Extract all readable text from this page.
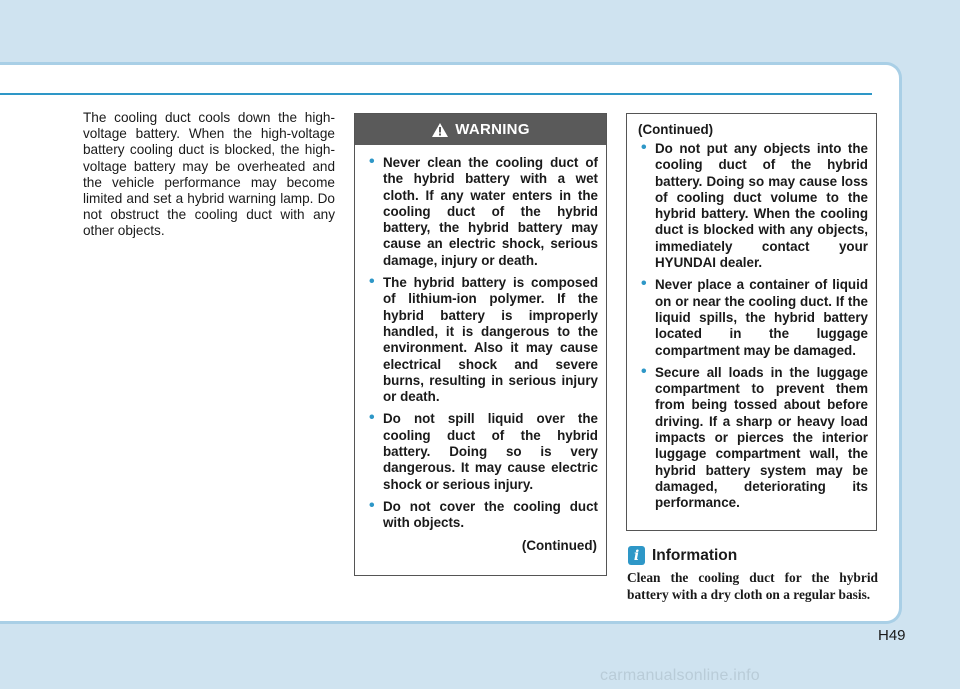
The cooling duct cools down the high-voltage battery. When the high-voltage battery cooling duct is blocked, the high-voltage battery may be overheated and the vehicle performance may become limited and set a hybrid warning lamp. Do not obstruct the cooling duct with any other objects.

WARNING
• Never clean the cooling duct of the hybrid battery with a wet cloth. If any water enters in the cooling duct of the hybrid battery, the hybrid battery may cause an electric shock, serious damage, injury or death.
• The hybrid battery is composed of lithium-ion polymer. If the hybrid battery is improperly handled, it is dangerous to the environment. Also it may cause electrical shock and severe burns, resulting in serious injury or death.
• Do not spill liquid over the cooling duct of the hybrid battery. Doing so is very dangerous. It may cause electric shock or serious injury.
• Do not cover the cooling duct with objects.
(Continued)
(Continued)
• Do not put any objects into the cooling duct of the hybrid battery. Doing so may cause loss of cooling duct volume to the hybrid battery. When the cooling duct is blocked with any objects, immediately contact your HYUNDAI dealer.
• Never place a container of liquid on or near the cooling duct. If the liquid spills, the hybrid battery located in the luggage compartment may be damaged.
• Secure all loads in the luggage compartment to prevent them from being tossed about before driving. If a sharp or heavy load impacts or pierces the interior luggage compartment wall, the hybrid battery system may be damaged, deteriorating its performance.
i Information

Clean the cooling duct for the hybrid battery with a dry cloth on a regular basis.

H49
carmanualsonline.info
